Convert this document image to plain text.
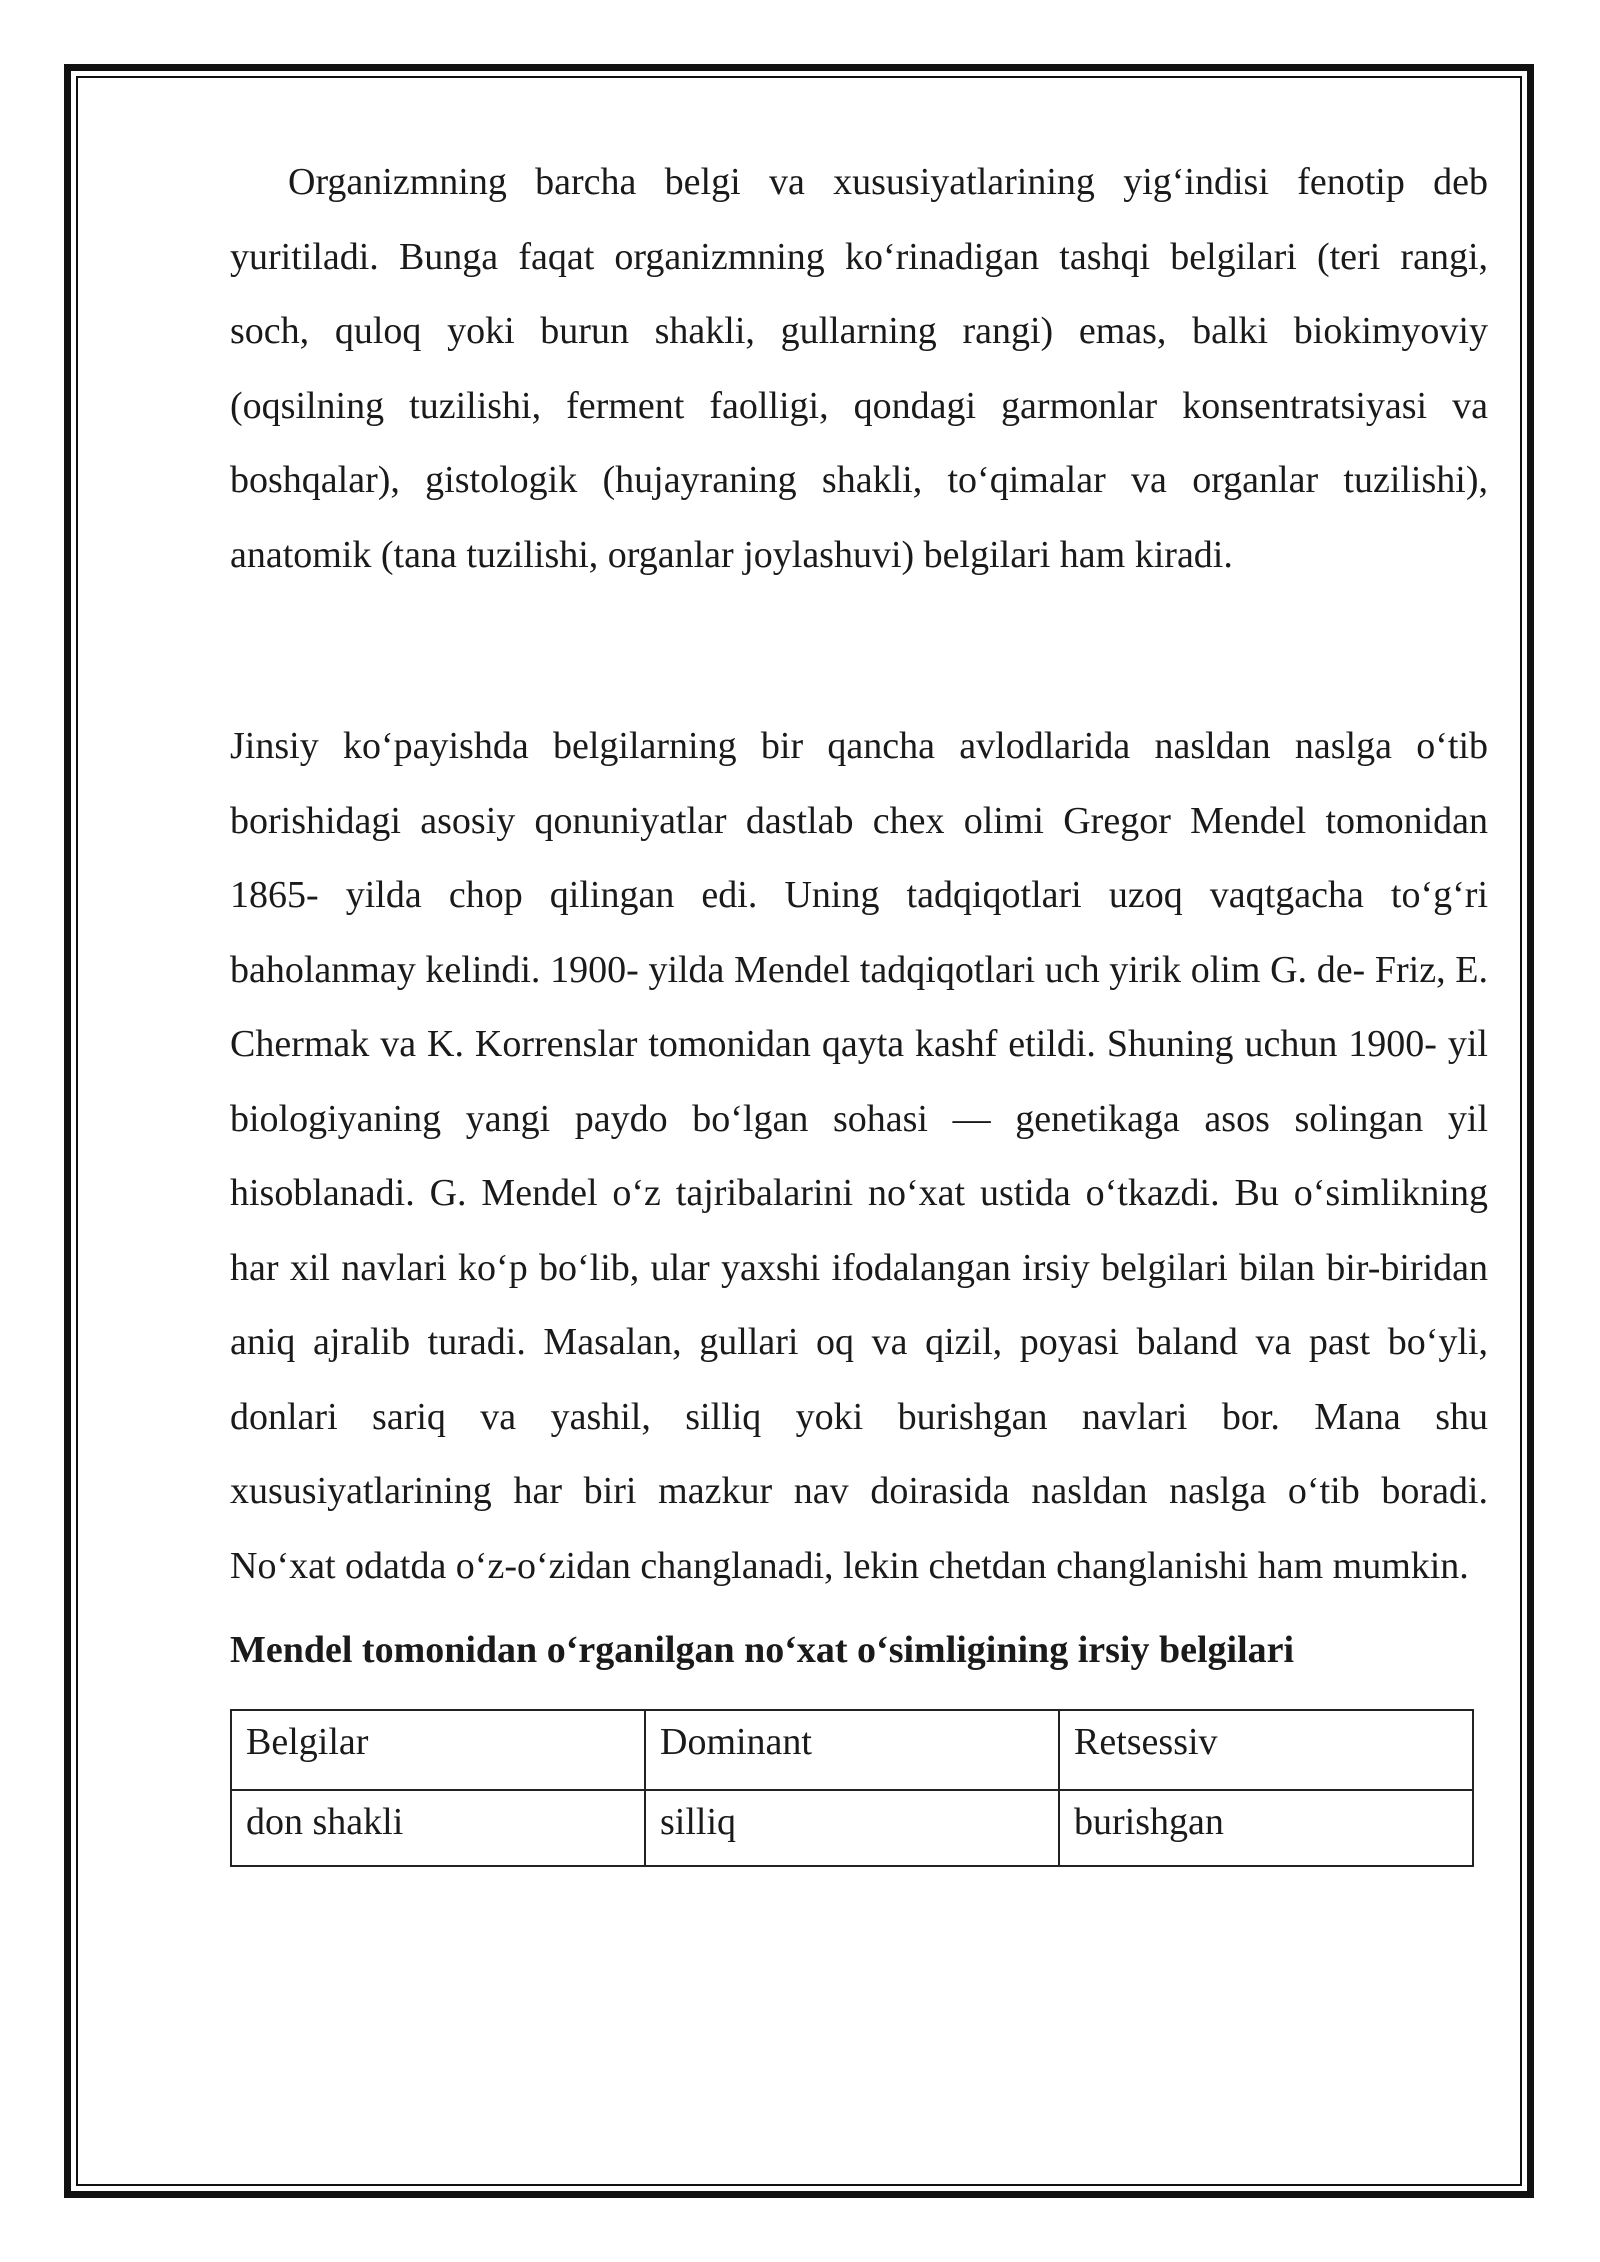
Organizmning barcha belgi va xususiyatlarining yig‘indisi fenotip deb yuritiladi. Bunga faqat organizmning ko‘rinadigan tashqi belgilari (teri rangi, soch, quloq yoki burun shakli, gullarning rangi) emas, balki biokimyoviy (oqsilning tuzilishi, ferment faolligi, qondagi garmonlar konsentratsiyasi va boshqalar), gistologik (hujayraning shakli, to‘qimalar va organlar tuzilishi), anatomik (tana tuzilishi, organlar joylashuvi) belgilari ham kiradi.

Jinsiy ko‘payishda belgilarning bir qancha avlodlarida nasldan naslga o‘tib borishidagi asosiy qonuniyatlar dastlab chex olimi Gregor Mendel tomonidan 1865- yilda chop qilingan edi. Uning tadqiqotlari uzoq vaqtgacha to‘g‘ri baholanmay kelindi. 1900- yilda Mendel tadqiqotlari uch yirik olim G. de- Friz, E. Chermak va K. Korrenslar tomonidan qayta kashf etildi. Shuning uchun 1900- yil biologiyaning yangi paydo bo‘lgan sohasi — genetikaga asos solingan yil hisoblanadi. G. Mendel o‘z tajribalarini no‘xat ustida o‘tkazdi. Bu o‘simlikning har xil navlari ko‘p bo‘lib, ular yaxshi ifodalangan irsiy belgilari bilan bir-biridan aniq ajralib turadi. Masalan, gullari oq va qizil, poyasi baland va past bo‘yli, donlari sariq va yashil, silliq yoki burishgan navlari bor. Mana shu xususiyatlarining har biri mazkur nav doirasida nasldan naslga o‘tib boradi. No‘xat odatda o‘z-o‘zidan changlanadi, lekin chetdan changlanishi ham mumkin.

Mendel tomonidan o‘rganilgan no‘xat o‘simligining irsiy belgilari

Belgilar	Dominant	Retsessiv
don shakli	silliq	burishgan
